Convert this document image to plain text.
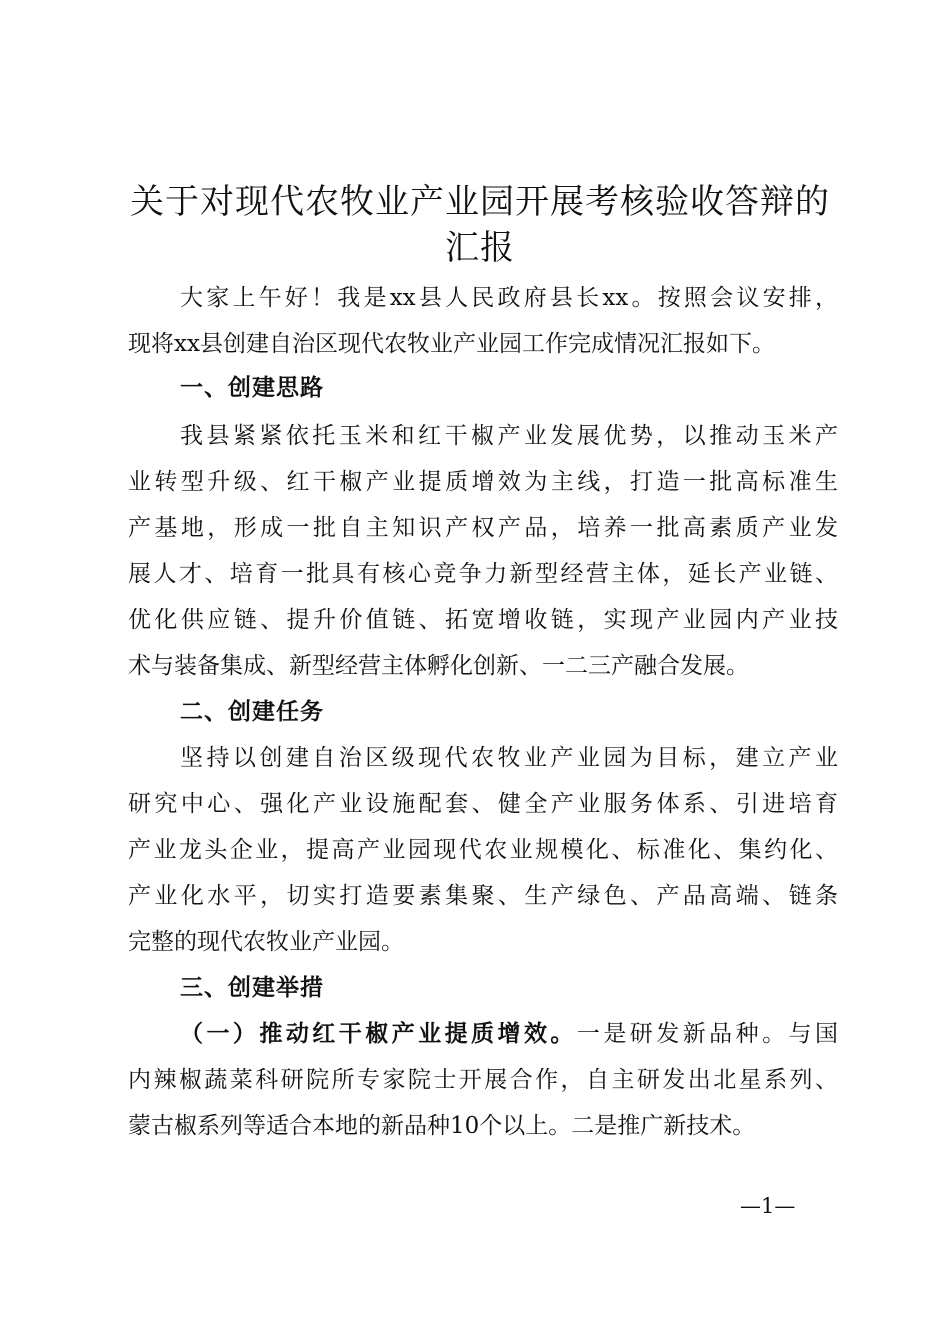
关于对现代农牧业产业园开展考核验收答辩的
汇报
大家上午好！我是xx县人民政府县长xx。按照会议安排，
现将xx县创建自治区现代农牧业产业园工作完成情况汇报如下。
一、创建思路
我县紧紧依托玉米和红干椒产业发展优势，以推动玉米产
业转型升级、红干椒产业提质增效为主线，打造一批高标准生
产基地，形成一批自主知识产权产品，培养一批高素质产业发
展人才、培育一批具有核心竞争力新型经营主体，延长产业链、
优化供应链、提升价值链、拓宽增收链，实现产业园内产业技
术与装备集成、新型经营主体孵化创新、一二三产融合发展。
二、创建任务
坚持以创建自治区级现代农牧业产业园为目标，建立产业
研究中心、强化产业设施配套、健全产业服务体系、引进培育
产业龙头企业，提高产业园现代农业规模化、标准化、集约化、
产业化水平，切实打造要素集聚、生产绿色、产品高端、链条
完整的现代农牧业产业园。
三、创建举措
（一）推动红干椒产业提质增效。一是研发新品种。与国
内辣椒蔬菜科研院所专家院士开展合作，自主研发出北星系列、
蒙古椒系列等适合本地的新品种10个以上。二是推广新技术。
—1—
